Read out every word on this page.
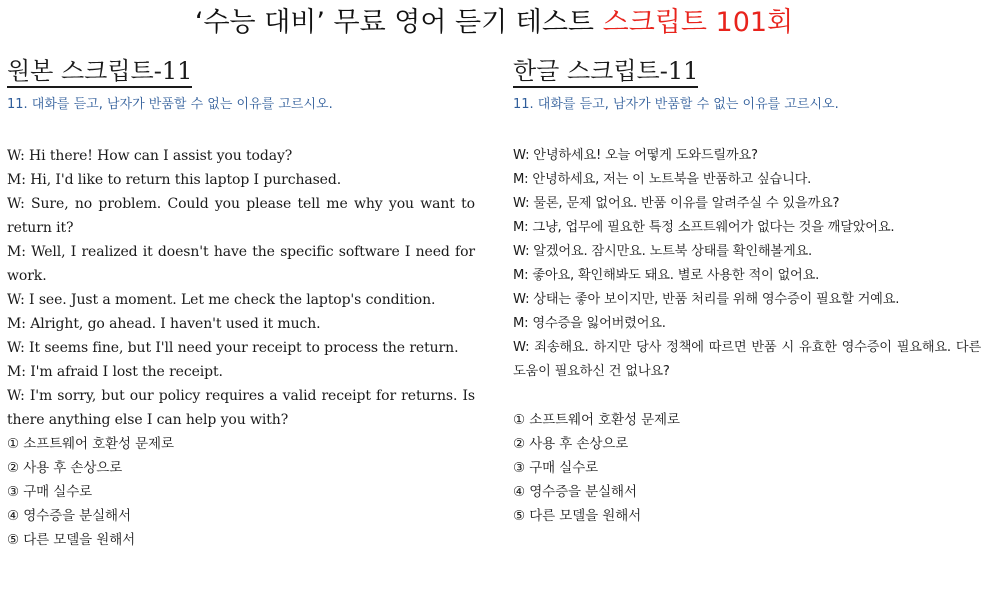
‘수능 대비’ 무료 영어 듣기 테스트 스크립트 101회
원본 스크립트-11
11. 대화를 듣고, 남자가 반품할 수 없는 이유를 고르시오.
W: Hi there! How can I assist you today?
M: Hi, I'd like to return this laptop I purchased.
W: Sure, no problem. Could you please tell me why you want to return it?
M: Well, I realized it doesn't have the specific software I need for work.
W: I see. Just a moment. Let me check the laptop's condition.
M: Alright, go ahead. I haven't used it much.
W: It seems fine, but I'll need your receipt to process the return.
M: I'm afraid I lost the receipt.
W: I'm sorry, but our policy requires a valid receipt for returns. Is there anything else I can help you with?
① 소프트웨어 호환성 문제로
② 사용 후 손상으로
③ 구매 실수로
④ 영수증을 분실해서
⑤ 다른 모델을 원해서
한글 스크립트-11
11. 대화를 듣고, 남자가 반품할 수 없는 이유를 고르시오.
W: 안녕하세요! 오늘 어떻게 도와드릴까요?
M: 안녕하세요, 저는 이 노트북을 반품하고 싶습니다.
W: 물론, 문제 없어요. 반품 이유를 알려주실 수 있을까요?
M: 그냥, 업무에 필요한 특정 소프트웨어가 없다는 것을 깨달았어요.
W: 알겠어요. 잠시만요. 노트북 상태를 확인해볼게요.
M: 좋아요, 확인해봐도 돼요. 별로 사용한 적이 없어요.
W: 상태는 좋아 보이지만, 반품 처리를 위해 영수증이 필요할 거예요.
M: 영수증을 잃어버렸어요.
W: 죄송해요. 하지만 당사 정책에 따르면 반품 시 유효한 영수증이 필요해요. 다른 도움이 필요하신 건 없나요?
① 소프트웨어 호환성 문제로
② 사용 후 손상으로
③ 구매 실수로
④ 영수증을 분실해서
⑤ 다른 모델을 원해서
